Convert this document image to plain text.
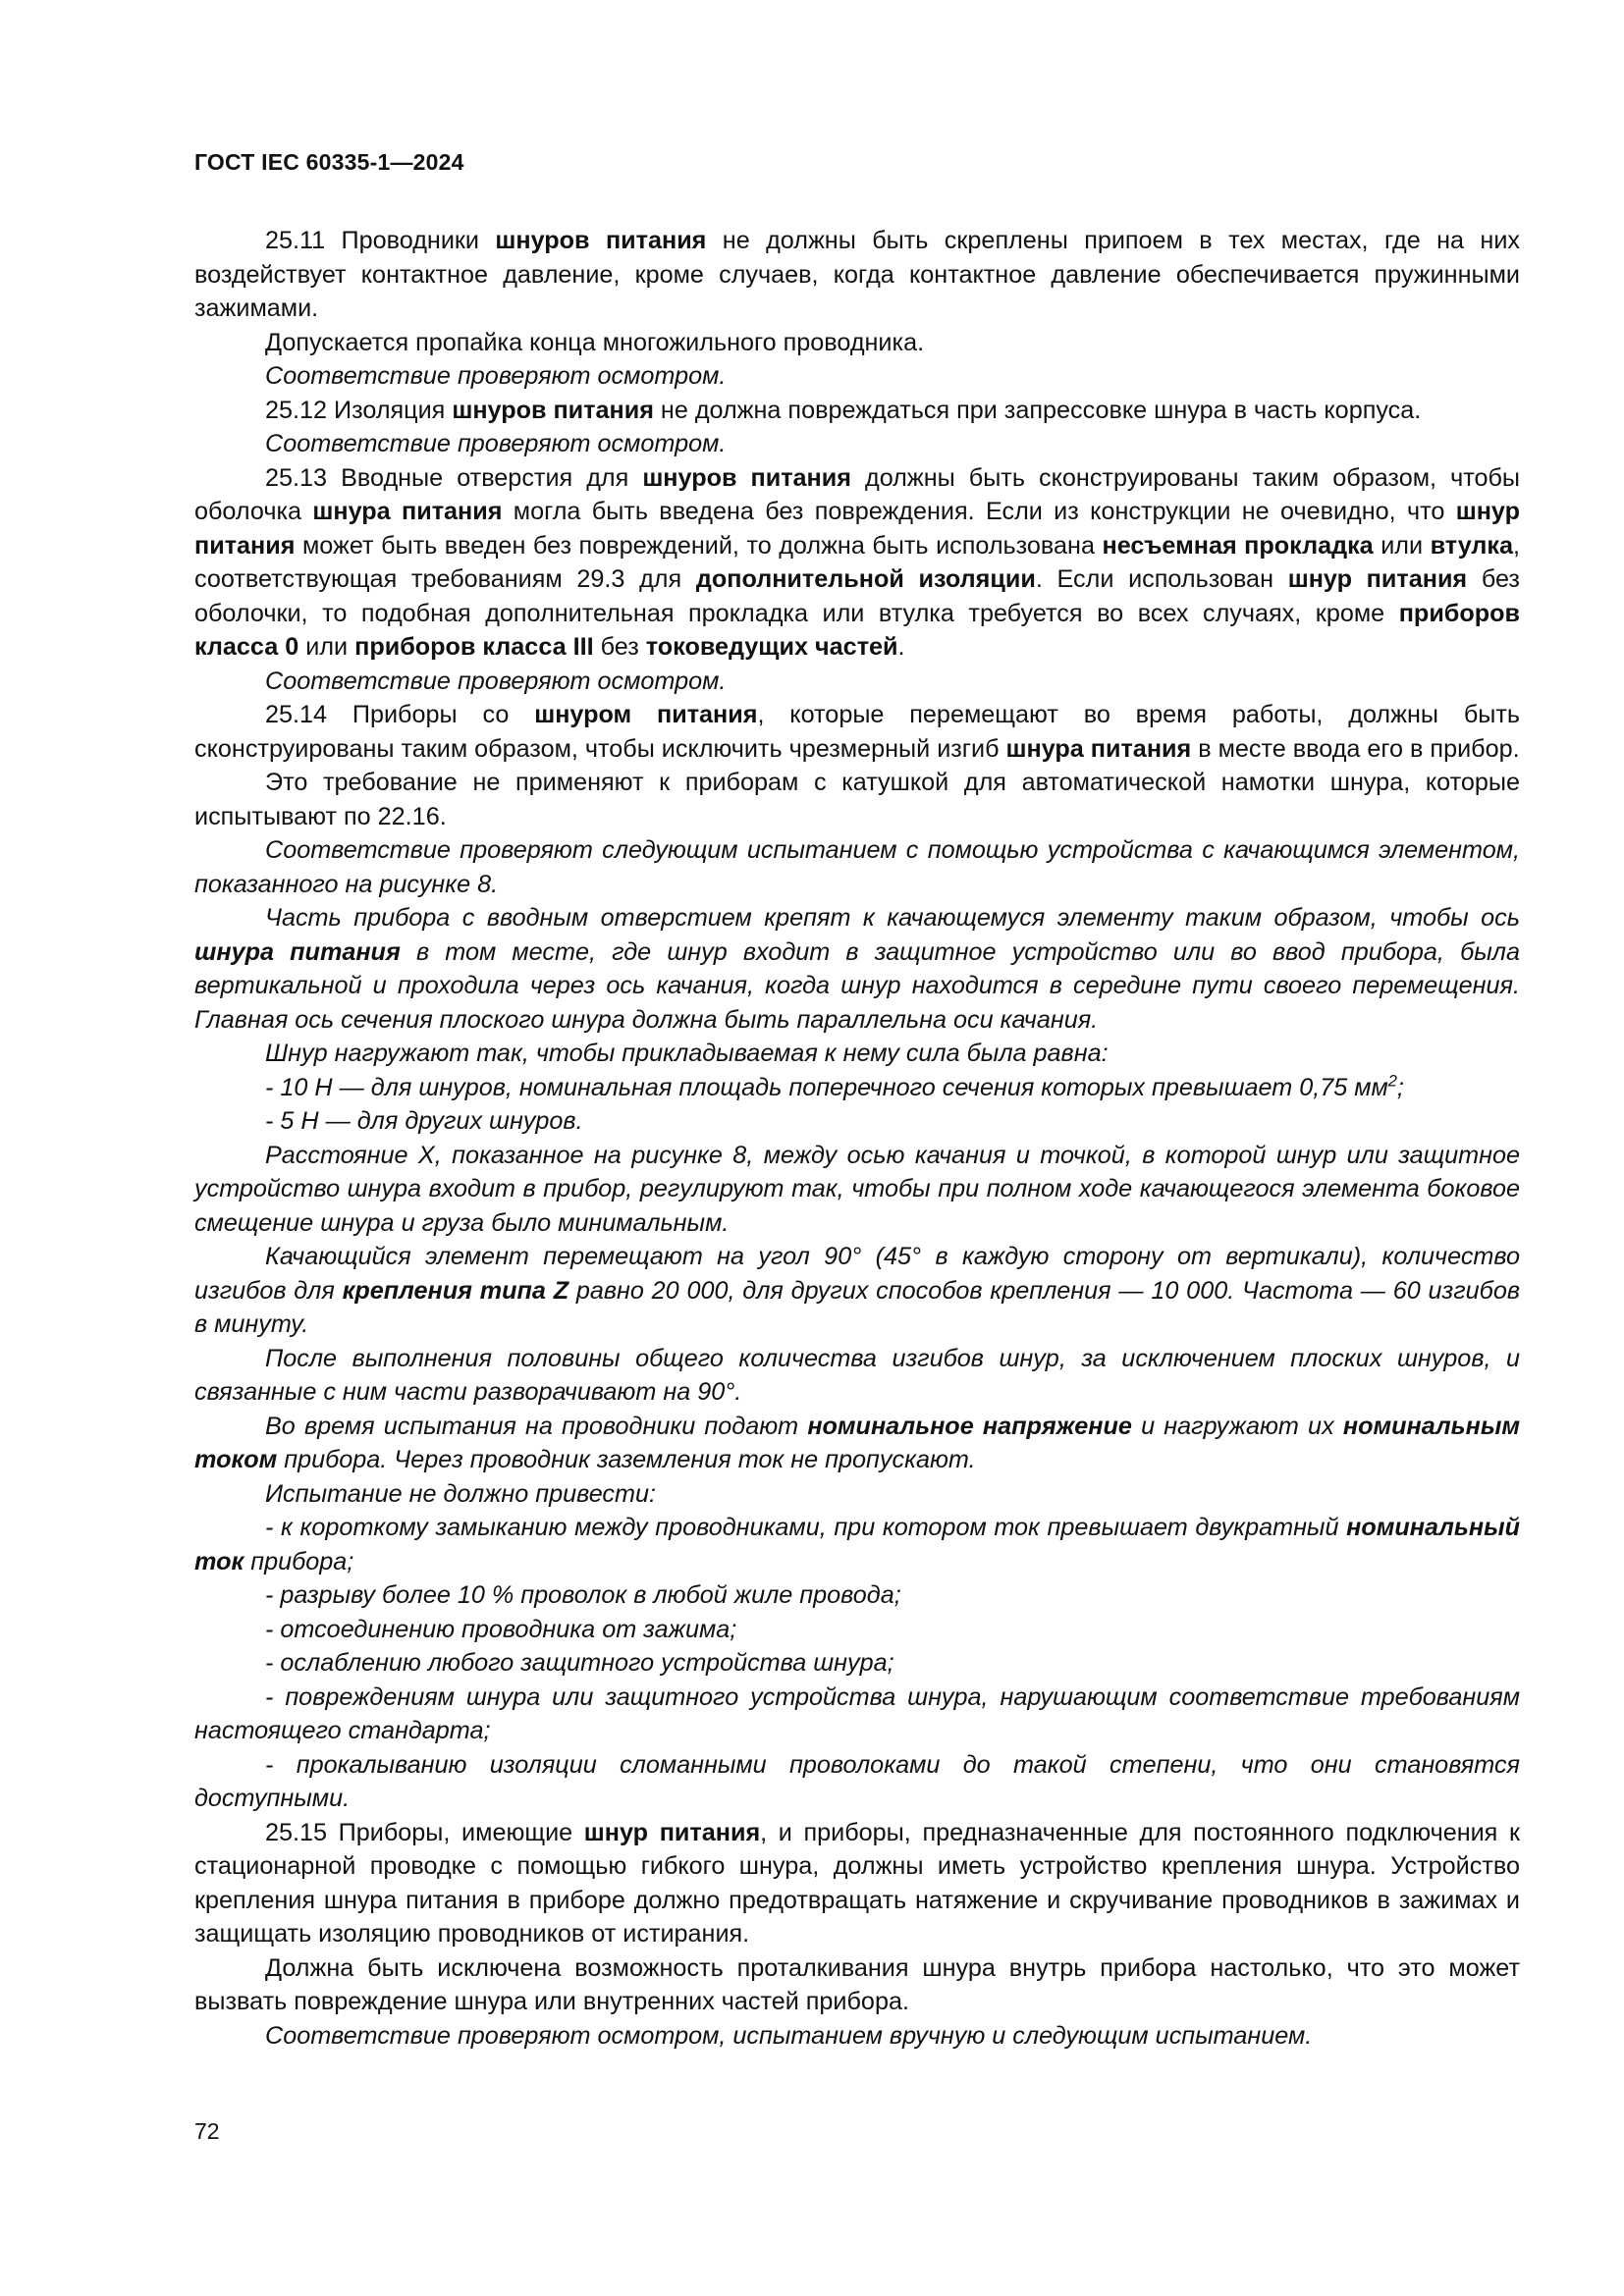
ГОСТ IEC 60335-1—2024

25.11 Проводники шнуров питания не должны быть скреплены припоем в тех местах, где на них воздействует контактное давление, кроме случаев, когда контактное давление обеспечивается пружинными зажимами.

Допускается пропайка конца многожильного проводника.

Соответствие проверяют осмотром.

25.12 Изоляция шнуров питания не должна повреждаться при запрессовке шнура в часть корпуса.

Соответствие проверяют осмотром.

25.13 Вводные отверстия для шнуров питания должны быть сконструированы таким образом, чтобы оболочка шнура питания могла быть введена без повреждения. Если из конструкции не очевидно, что шнур питания может быть введен без повреждений, то должна быть использована несъемная прокладка или втулка, соответствующая требованиям 29.3 для дополнительной изоляции. Если использован шнур питания без оболочки, то подобная дополнительная прокладка или втулка требуется во всех случаях, кроме приборов класса 0 или приборов класса III без токоведущих частей.

Соответствие проверяют осмотром.

25.14 Приборы со шнуром питания, которые перемещают во время работы, должны быть сконструированы таким образом, чтобы исключить чрезмерный изгиб шнура питания в месте ввода его в прибор.

Это требование не применяют к приборам с катушкой для автоматической намотки шнура, которые испытывают по 22.16.

Соответствие проверяют следующим испытанием с помощью устройства с качающимся элементом, показанного на рисунке 8.

Часть прибора с вводным отверстием крепят к качающемуся элементу таким образом, чтобы ось шнура питания в том месте, где шнур входит в защитное устройство или во ввод прибора, была вертикальной и проходила через ось качания, когда шнур находится в середине пути своего перемещения. Главная ось сечения плоского шнура должна быть параллельна оси качания.

Шнур нагружают так, чтобы прикладываемая к нему сила была равна:

- 10 Н — для шнуров, номинальная площадь поперечного сечения которых превышает 0,75 $мм^2$;

- 5 Н — для других шнуров.

Расстояние X, показанное на рисунке 8, между осью качания и точкой, в которой шнур или защитное устройство шнура входит в прибор, регулируют так, чтобы при полном ходе качающегося элемента боковое смещение шнура и груза было минимальным.

Качающийся элемент перемещают на угол 90° (45° в каждую сторону от вертикали), количество изгибов для крепления типа Z равно 20 000, для других способов крепления — 10 000. Частота — 60 изгибов в минуту.

После выполнения половины общего количества изгибов шнур, за исключением плоских шнуров, и связанные с ним части разворачивают на 90°.

Во время испытания на проводники подают номинальное напряжение и нагружают их номинальным током прибора. Через проводник заземления ток не пропускают.

Испытание не должно привести:

- к короткому замыканию между проводниками, при котором ток превышает двукратный номинальный ток прибора;

- разрыву более 10 % проволок в любой жиле провода;

- отсоединению проводника от зажима;

- ослаблению любого защитного устройства шнура;

- повреждениям шнура или защитного устройства шнура, нарушающим соответствие требованиям настоящего стандарта;

- прокалыванию изоляции сломанными проволоками до такой степени, что они становятся доступными.

25.15 Приборы, имеющие шнур питания, и приборы, предназначенные для постоянного подключения к стационарной проводке с помощью гибкого шнура, должны иметь устройство крепления шнура. Устройство крепления шнура питания в приборе должно предотвращать натяжение и скручивание проводников в зажимах и защищать изоляцию проводников от истирания.

Должна быть исключена возможность проталкивания шнура внутрь прибора настолько, что это может вызвать повреждение шнура или внутренних частей прибора.

Соответствие проверяют осмотром, испытанием вручную и следующим испытанием.

72
